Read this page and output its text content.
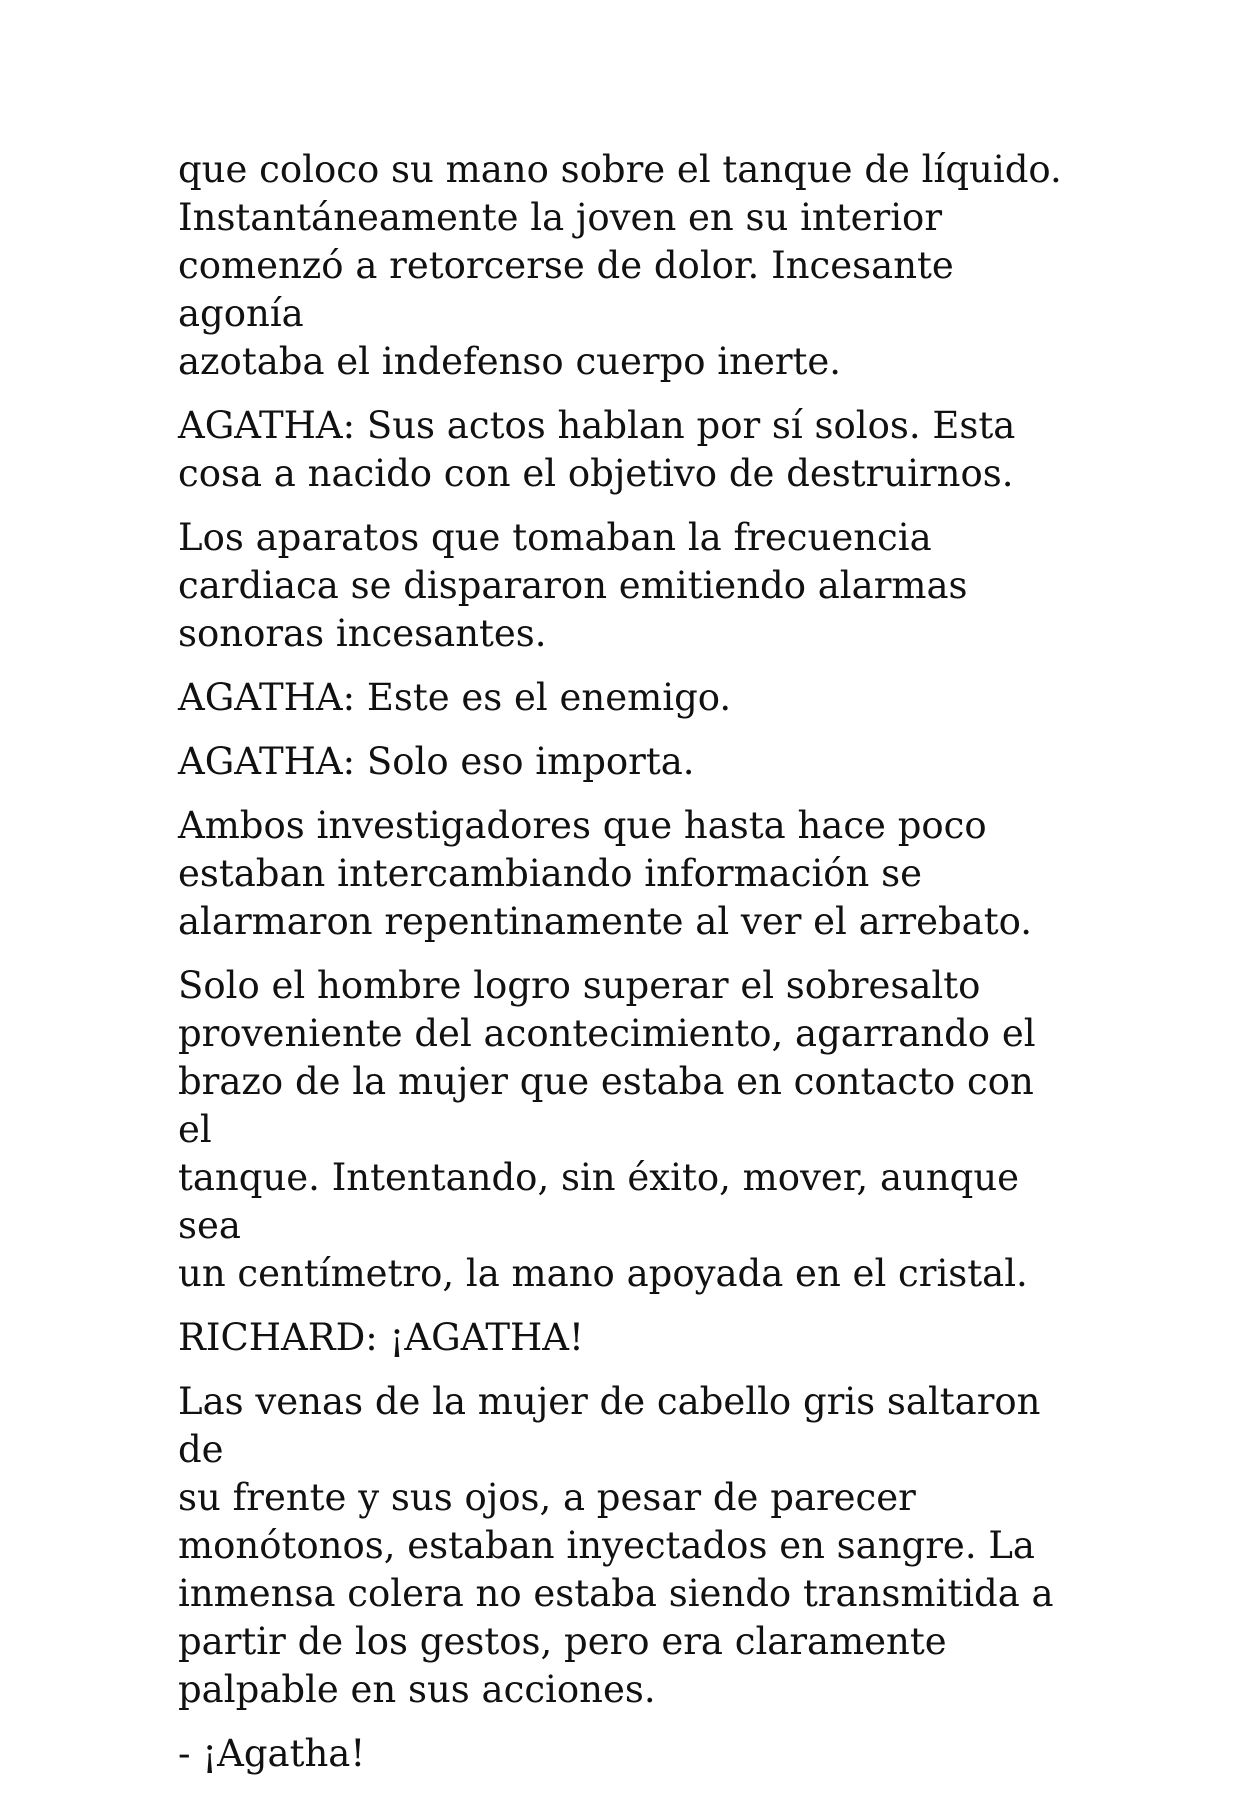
que coloco su mano sobre el tanque de líquido.
Instantáneamente la joven en su interior
comenzó a retorcerse de dolor. Incesante agonía
azotaba el indefenso cuerpo inerte.

AGATHA: Sus actos hablan por sí solos. Esta
cosa a nacido con el objetivo de destruirnos.

Los aparatos que tomaban la frecuencia
cardiaca se dispararon emitiendo alarmas
sonoras incesantes.

AGATHA: Este es el enemigo.

AGATHA: Solo eso importa.

Ambos investigadores que hasta hace poco
estaban intercambiando información se
alarmaron repentinamente al ver el arrebato.

Solo el hombre logro superar el sobresalto
proveniente del acontecimiento, agarrando el
brazo de la mujer que estaba en contacto con el
tanque. Intentando, sin éxito, mover, aunque sea
un centímetro, la mano apoyada en el cristal.

RICHARD: ¡AGATHA!

Las venas de la mujer de cabello gris saltaron de
su frente y sus ojos, a pesar de parecer
monótonos, estaban inyectados en sangre. La
inmensa colera no estaba siendo transmitida a
partir de los gestos, pero era claramente
palpable en sus acciones.

- ¡Agatha!
